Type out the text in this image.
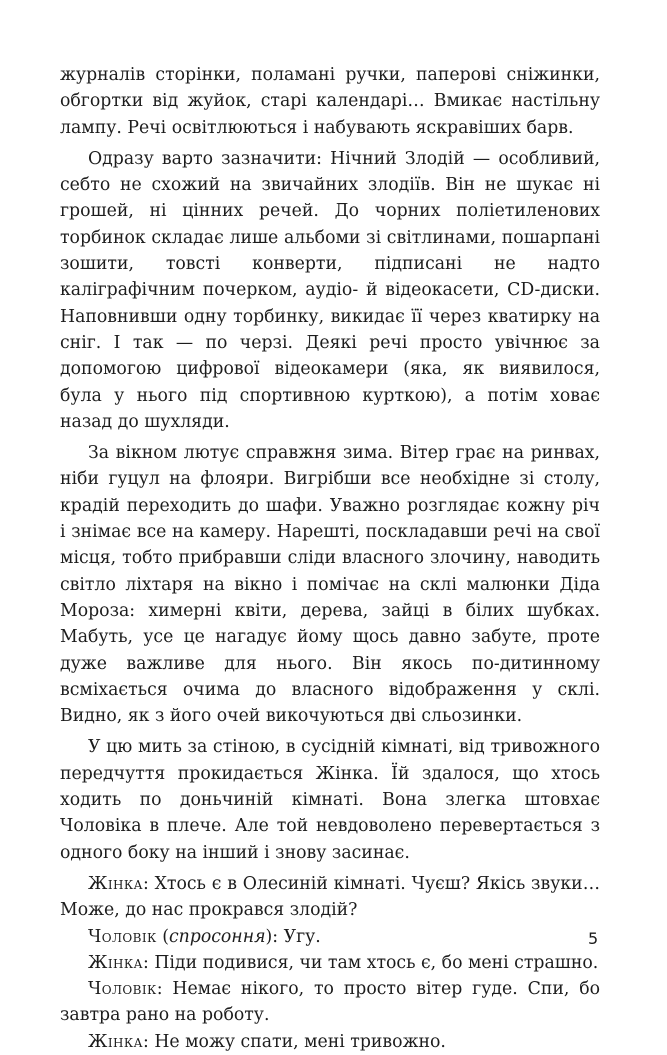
журналів сторінки, поламані ручки, паперові сніжинки, обгортки від жуйок, старі календарі… Вмикає настільну лампу. Речі освітлюються і набувають яскравіших барв.

Одразу варто зазначити: Нічний Злодій — особливий, себто не схожий на звичайних злодіїв. Він не шукає ні грошей, ні цінних речей. До чорних поліетиленових торбинок складає лише альбоми зі світлинами, пошарпані зошити, товсті конверти, підписані не надто каліграфічним почерком, аудіо- й відеокасети, CD-диски. Наповнивши одну торбинку, викидає її через кватирку на сніг. І так — по черзі. Деякі речі просто увічнює за допомогою цифрової відеокамери (яка, як виявилося, була у нього під спортивною курткою), а потім ховає назад до шухляди.

За вікном лютує справжня зима. Вітер грає на ринвах, ніби гуцул на флояри. Вигрібши все необхідне зі столу, крадій переходить до шафи. Уважно розглядає кожну річ і знімає все на камеру. Нарешті, поскладавши речі на свої місця, тобто прибравши сліди власного злочину, наводить світло ліхтаря на вікно і помічає на склі малюнки Діда Мороза: химерні квіти, дерева, зайці в білих шубках. Мабуть, усе це нагадує йому щось давно забуте, проте дуже важливе для нього. Він якось по-дитинному всміхається очима до власного відображення у склі. Видно, як з його очей викочуються дві сльозинки.

У цю мить за стіною, в сусідній кімнаті, від тривожного передчуття прокидається Жінка. Їй здалося, що хтось ходить по доньчиній кімнаті. Вона злегка штовхає Чоловіка в плече. Але той невдоволено перевертається з одного боку на інший і знову засинає.

Жінка: Хтось є в Олесиній кімнаті. Чуєш? Якісь звуки… Може, до нас прокрався злодій?

Чоловік (спросоння): Угу.

Жінка: Піди подивися, чи там хтось є, бо мені страшно.

Чоловік: Немає нікого, то просто вітер гуде. Спи, бо завтра рано на роботу.

Жінка: Не можу спати, мені тривожно.

5
